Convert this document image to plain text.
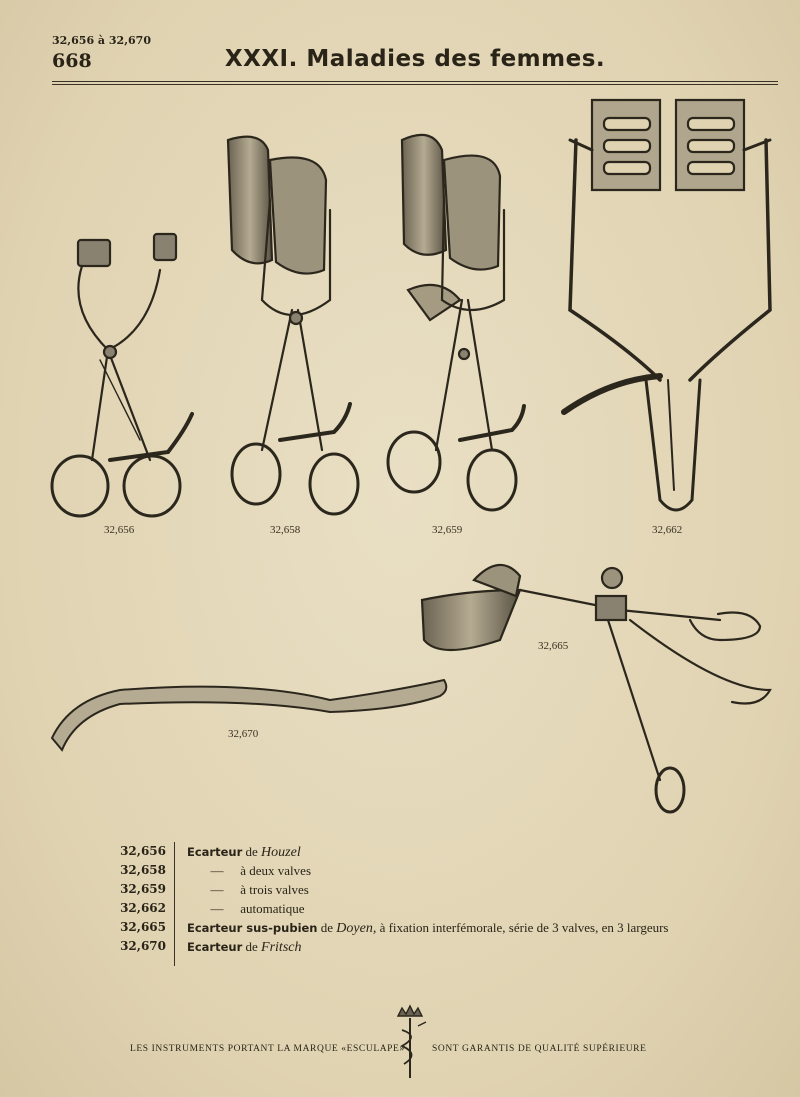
32,656 à 32,670
668	XXXI. Maladies des femmes.
32,656	32,658	32,659	32,662
32,665
32,670
32,656 Ecarteur de Houzel
32,658	— à deux valves
32,659	— à trois valves
32,662	— automatique
32,665 Ecarteur sus-pubien de Doyen, à fixation interfémorale, série de 3 valves, en 3 largeurs
32,670 Ecarteur de Fritsch
LES INSTRUMENTS PORTANT LA MARQUE «ESCULAPE»	SONT GARANTIS DE QUALITÉ SUPÉRIEURE
